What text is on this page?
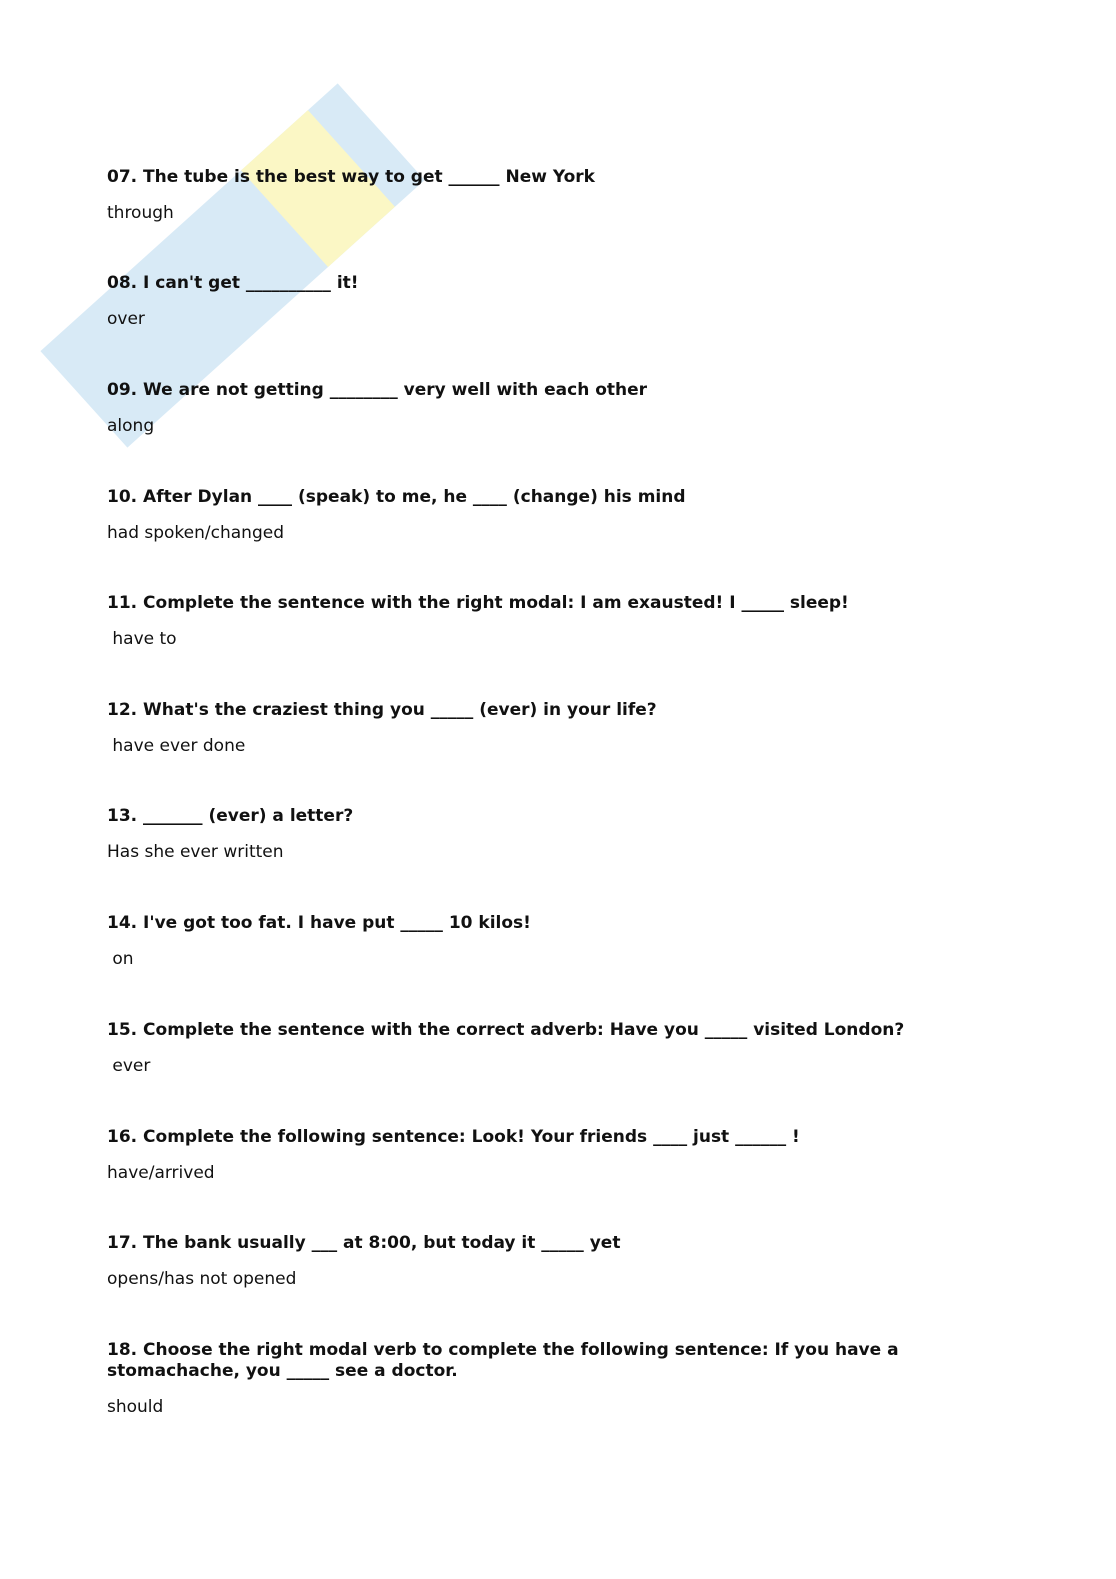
07. The tube is the best way to get ______ New York
through
08. I can't get __________ it!
over
09. We are not getting ________ very well with each other
along
10. After Dylan ____ (speak) to me, he ____ (change) his mind
had spoken/changed
11. Complete the sentence with the right modal: I am exausted! I _____ sleep!
have to
12. What's the craziest thing you _____ (ever) in your life?
have ever done
13. _______ (ever) a letter?
Has she ever written
14. I've got too fat. I have put _____ 10 kilos!
on
15. Complete the sentence with the correct adverb: Have you _____ visited London?
ever
16. Complete the following sentence: Look! Your friends ____ just ______ !
have/arrived
17. The bank usually ___ at 8:00, but today it _____ yet
opens/has not opened
18. Choose the right modal verb to complete the following sentence: If you have a stomachache, you _____ see a doctor.
should
